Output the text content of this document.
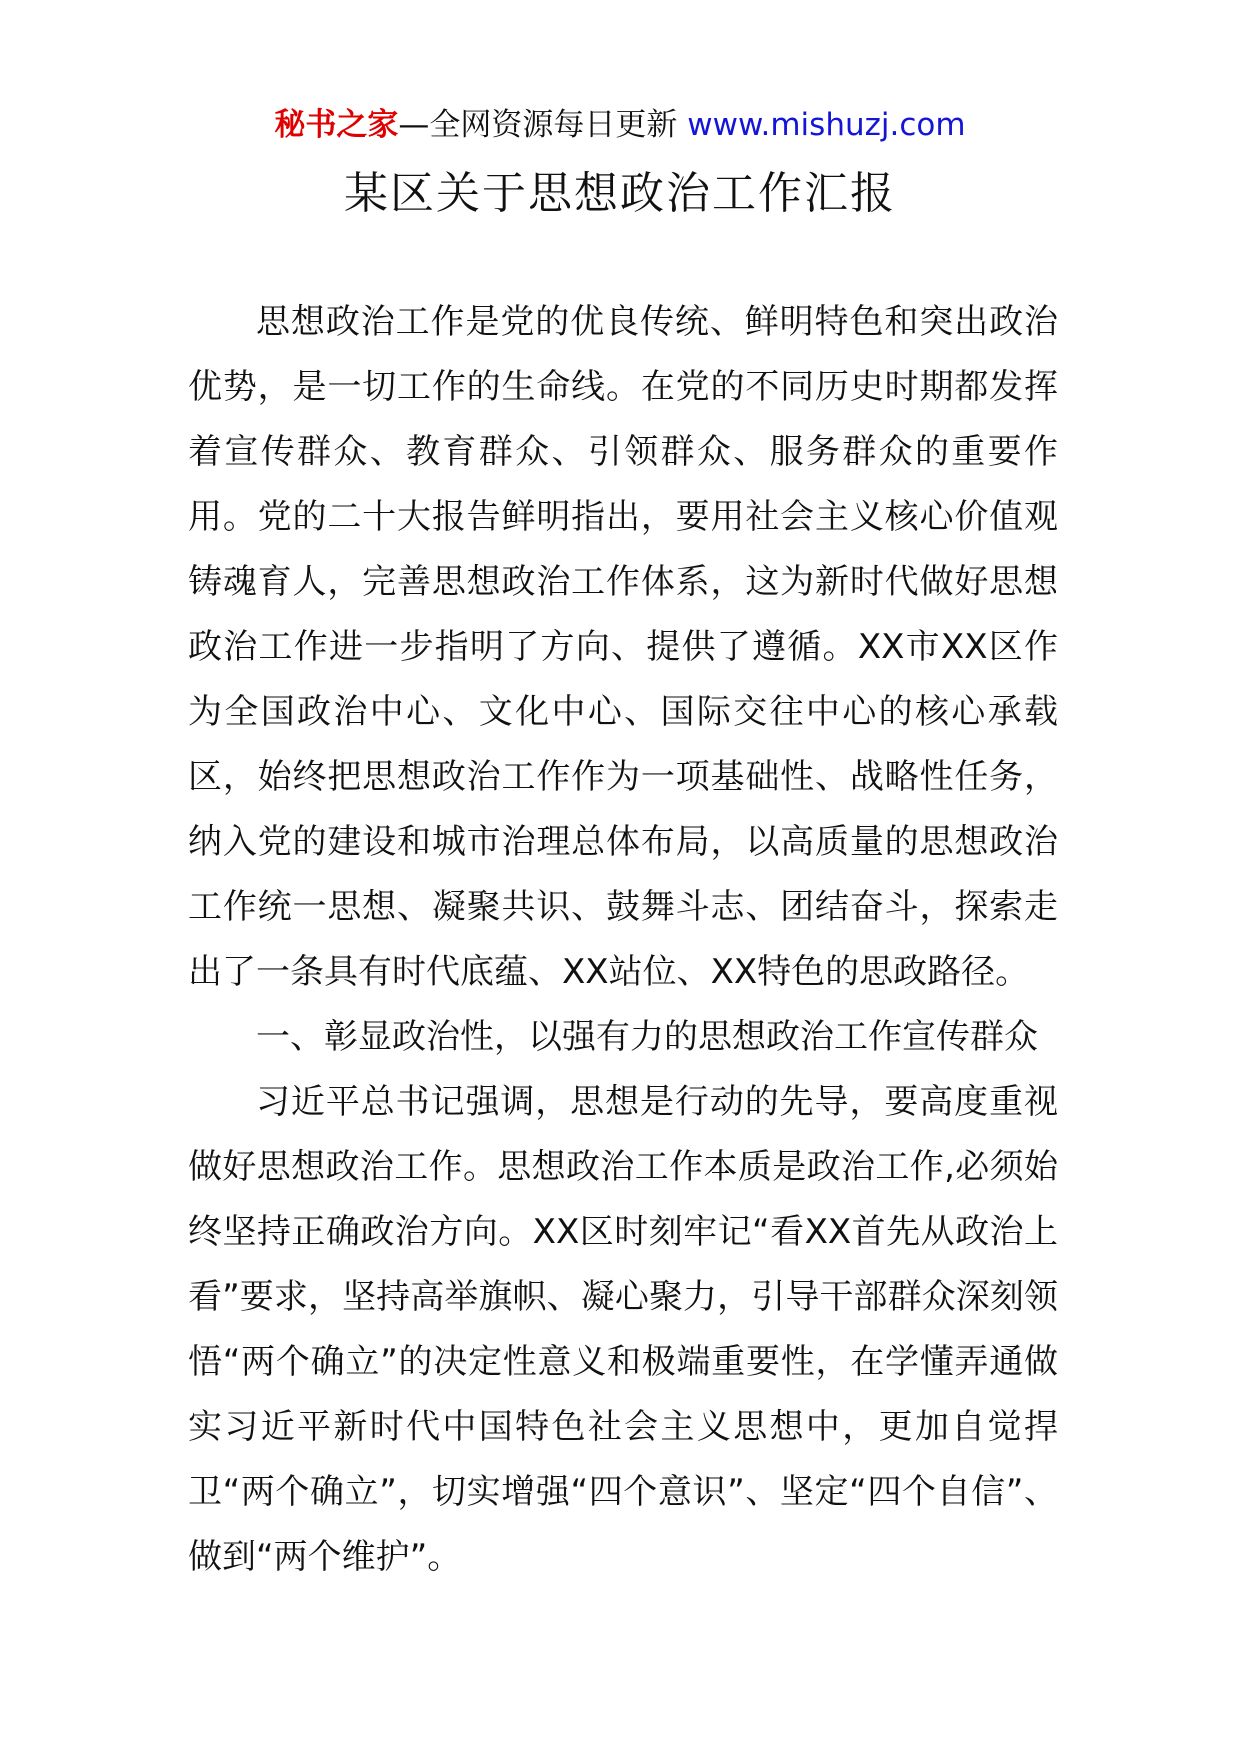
秘书之家—全网资源每日更新 www.mishuzj.com
某区关于思想政治工作汇报

思想政治工作是党的优良传统、鲜明特色和突出政治优势，是一切工作的生命线。在党的不同历史时期都发挥着宣传群众、教育群众、引领群众、服务群众的重要作用。党的二十大报告鲜明指出，要用社会主义核心价值观铸魂育人，完善思想政治工作体系，这为新时代做好思想政治工作进一步指明了方向、提供了遵循。XX市XX区作为全国政治中心、文化中心、国际交往中心的核心承载区，始终把思想政治工作作为一项基础性、战略性任务，纳入党的建设和城市治理总体布局，以高质量的思想政治工作统一思想、凝聚共识、鼓舞斗志、团结奋斗，探索走出了一条具有时代底蕴、XX站位、XX特色的思政路径。

一、彰显政治性，以强有力的思想政治工作宣传群众

习近平总书记强调，思想是行动的先导，要高度重视做好思想政治工作。思想政治工作本质是政治工作,必须始终坚持正确政治方向。XX区时刻牢记“看XX首先从政治上看”要求，坚持高举旗帜、凝心聚力，引导干部群众深刻领悟“两个确立”的决定性意义和极端重要性，在学懂弄通做实习近平新时代中国特色社会主义思想中，更加自觉捍卫“两个确立”，切实增强“四个意识”、坚定“四个自信”、做到“两个维护”。
